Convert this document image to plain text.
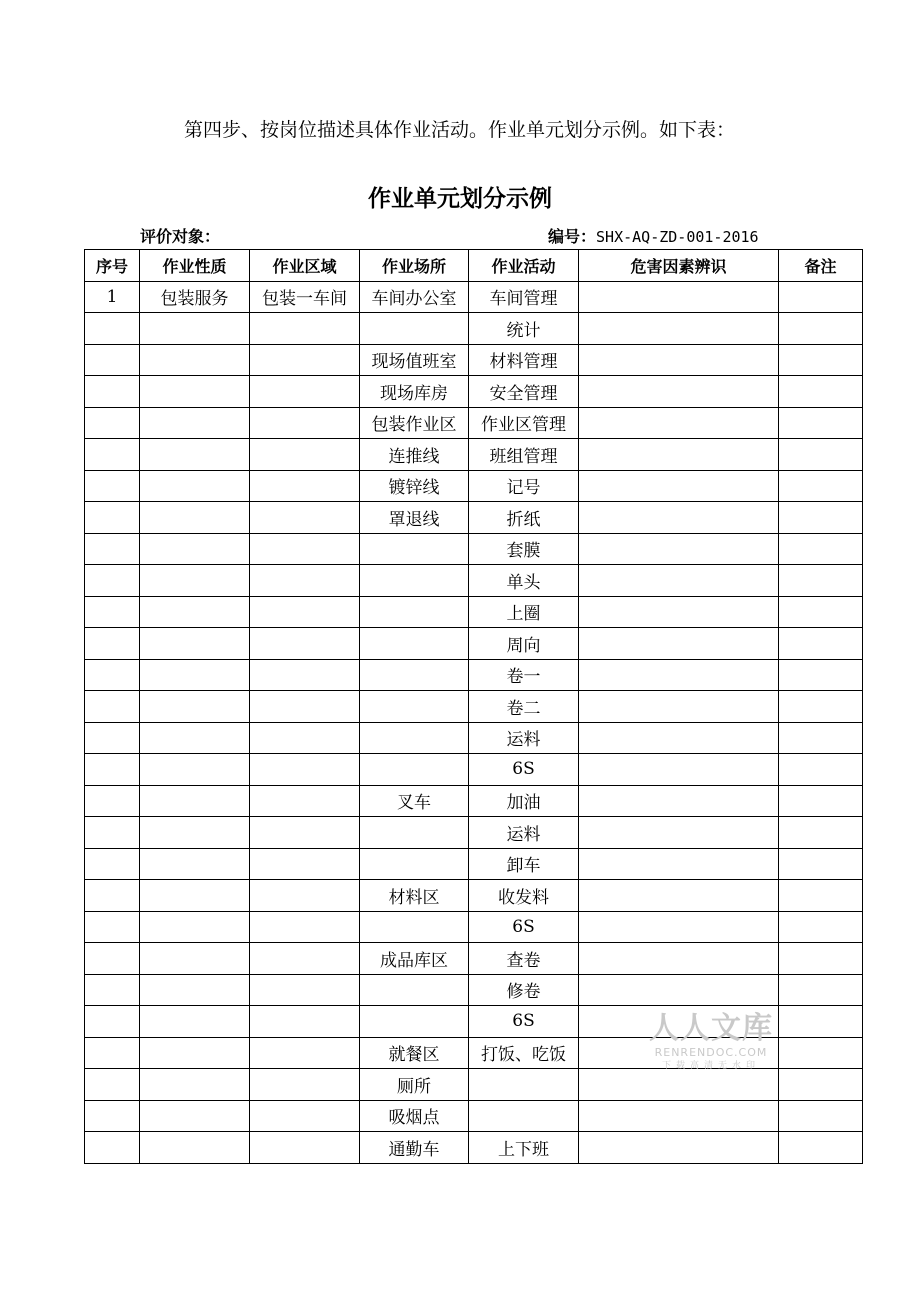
第四步、按岗位描述具体作业活动。作业单元划分示例。如下表：

作业单元划分示例
评价对象：	编号：SHX-AQ-ZD-001-2016
序号	作业性质	作业区域	作业场所	作业活动	危害因素辨识	备注
1	包装服务	包装一车间	车间办公室	车间管理		
				统计		
			现场值班室	材料管理		
			现场库房	安全管理		
			包装作业区	作业区管理		
			连推线	班组管理		
			镀锌线	记号		
			罩退线	折纸		
				套膜		
				单头		
				上圈		
				周向		
				卷一		
				卷二		
				运料		
				6S		
			叉车	加油		
				运料		
				卸车		
			材料区	收发料		
				6S		
			成品库区	查卷		
				修卷		
				6S		
			就餐区	打饭、吃饭		
			厕所			
			吸烟点			
			通勤车	上下班		
人人文库
RENRENDOC.COM
下载高清无水印
